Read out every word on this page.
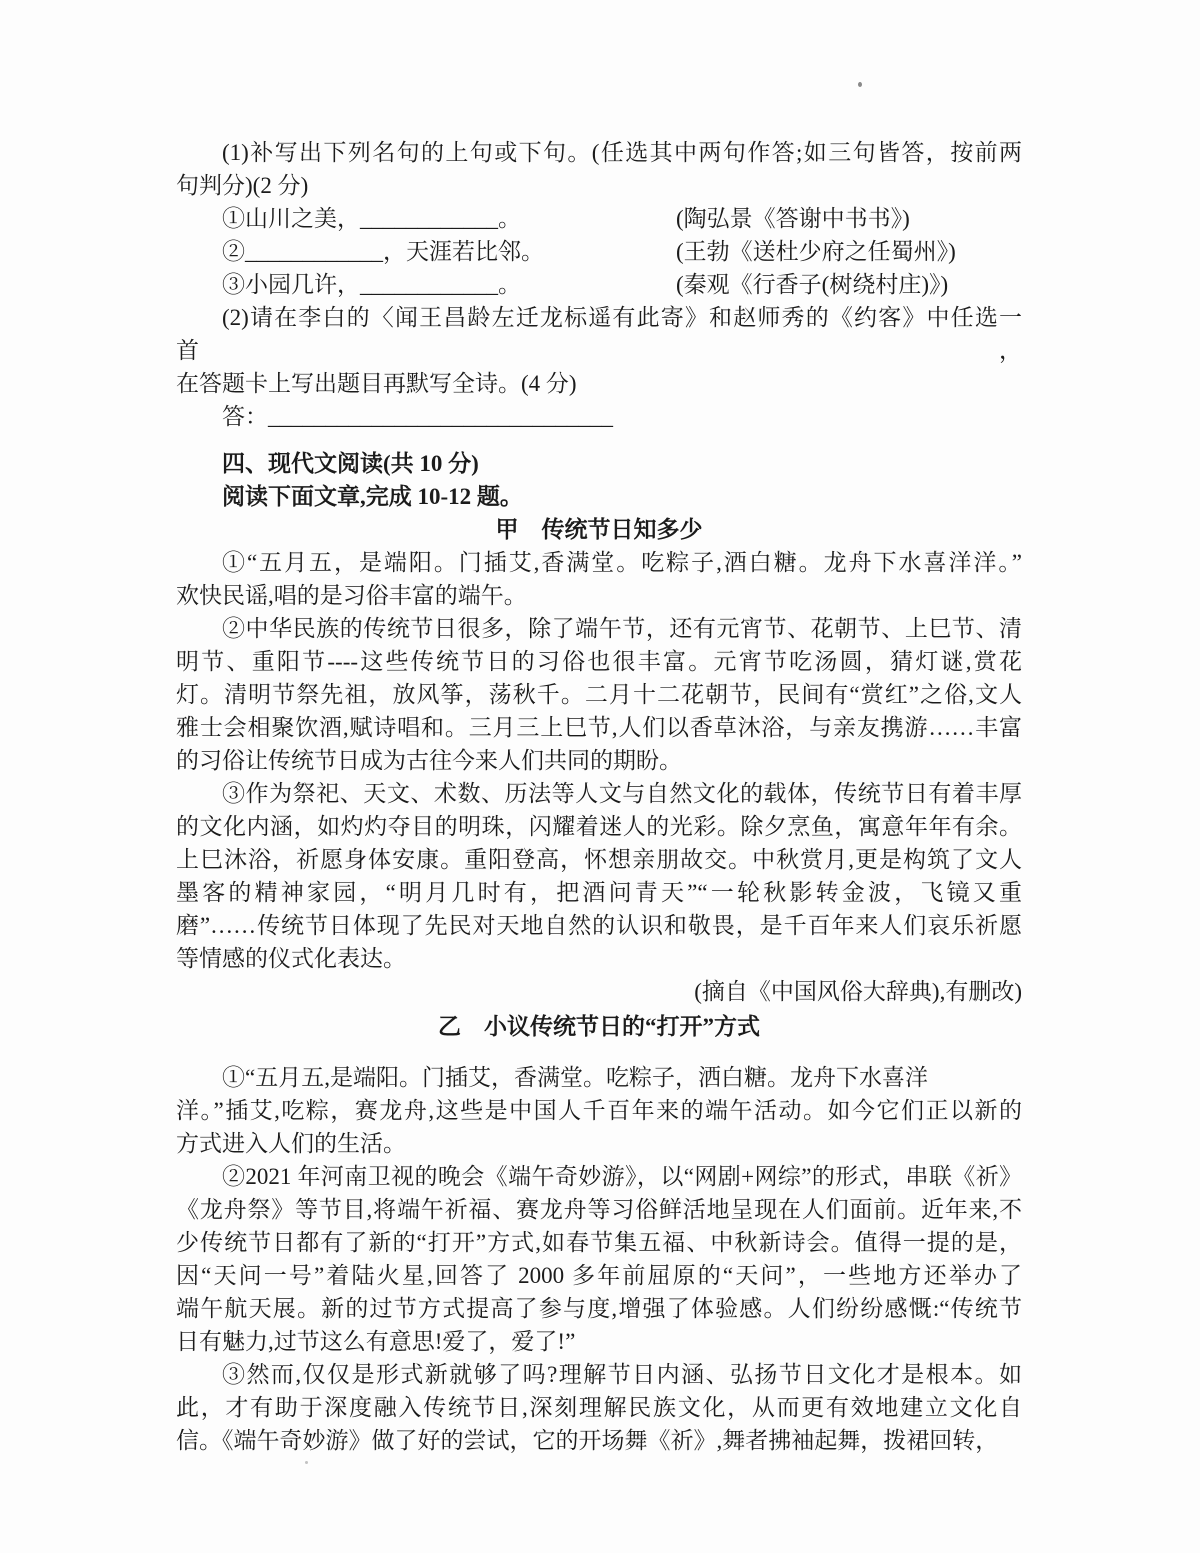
(1)补写出下列名句的上句或下句。(任选其中两句作答;如三句皆答，按前两
句判分)(2 分)
①山川之美，____________。	(陶弘景《答谢中书书》)
②____________，天涯若比邻。	(王勃《送杜少府之任蜀州》)
③小园几许，____________。	(秦观《行香子(树绕村庄)》)
(2)请在李白的〈闻王昌龄左迁龙标遥有此寄》和赵师秀的《约客》中任选一首，
在答题卡上写出题目再默写全诗。(4 分)
答：______________________________
四、现代文阅读(共 10 分)
阅读下面文章,完成 10-12 题。
甲　传统节日知多少
①“五月五，是端阳。门插艾,香满堂。吃粽子,酒白糖。龙舟下水喜洋洋。”
欢快民谣,唱的是习俗丰富的端午。
②中华民族的传统节日很多，除了端午节，还有元宵节、花朝节、上巳节、清
明节、重阳节----这些传统节日的习俗也很丰富。元宵节吃汤圆，猜灯谜,赏花
灯。清明节祭先祖，放风筝，荡秋千。二月十二花朝节，民间有“赏红”之俗,文人
雅士会相聚饮酒,赋诗唱和。三月三上巳节,人们以香草沐浴，与亲友携游……丰富
的习俗让传统节日成为古往今来人们共同的期盼。
③作为祭祀、天文、术数、历法等人文与自然文化的载体，传统节日有着丰厚
的文化内涵，如灼灼夺目的明珠，闪耀着迷人的光彩。除夕烹鱼，寓意年年有余。
上巳沐浴，祈愿身体安康。重阳登高，怀想亲朋故交。中秋赏月,更是构筑了文人
墨客的精神家园，“明月几时有，把酒问青天”“一轮秋影转金波，飞镜又重
磨”……传统节日体现了先民对天地自然的认识和敬畏，是千百年来人们哀乐祈愿
等情感的仪式化表达。
(摘自《中国风俗大辞典),有删改)
乙　小议传统节日的“打开”方式
①“五月五,是端阳。门插艾，香满堂。吃粽子，洒白糖。龙舟下水喜洋
洋。”插艾,吃粽，赛龙舟,这些是中国人千百年来的端午活动。如今它们正以新的
方式进入人们的生活。
②2021 年河南卫视的晚会《端午奇妙游》，以“网剧+网综”的形式，串联《祈》
《龙舟祭》等节目,将端午祈福、赛龙舟等习俗鲜活地呈现在人们面前。近年来,不
少传统节日都有了新的“打开”方式,如春节集五福、中秋新诗会。值得一提的是，
因“天问一号”着陆火星,回答了 2000 多年前屈原的“天问”，一些地方还举办了
端午航天展。新的过节方式提高了参与度,增强了体验感。人们纷纷感慨:“传统节
日有魅力,过节这么有意思!爱了，爱了!”
③然而,仅仅是形式新就够了吗?理解节日内涵、弘扬节日文化才是根本。如
此，才有助于深度融入传统节日,深刻理解民族文化，从而更有效地建立文化自
信。《端午奇妙游》做了好的尝试，它的开场舞《祈》,舞者拂袖起舞，拨裙回转，
